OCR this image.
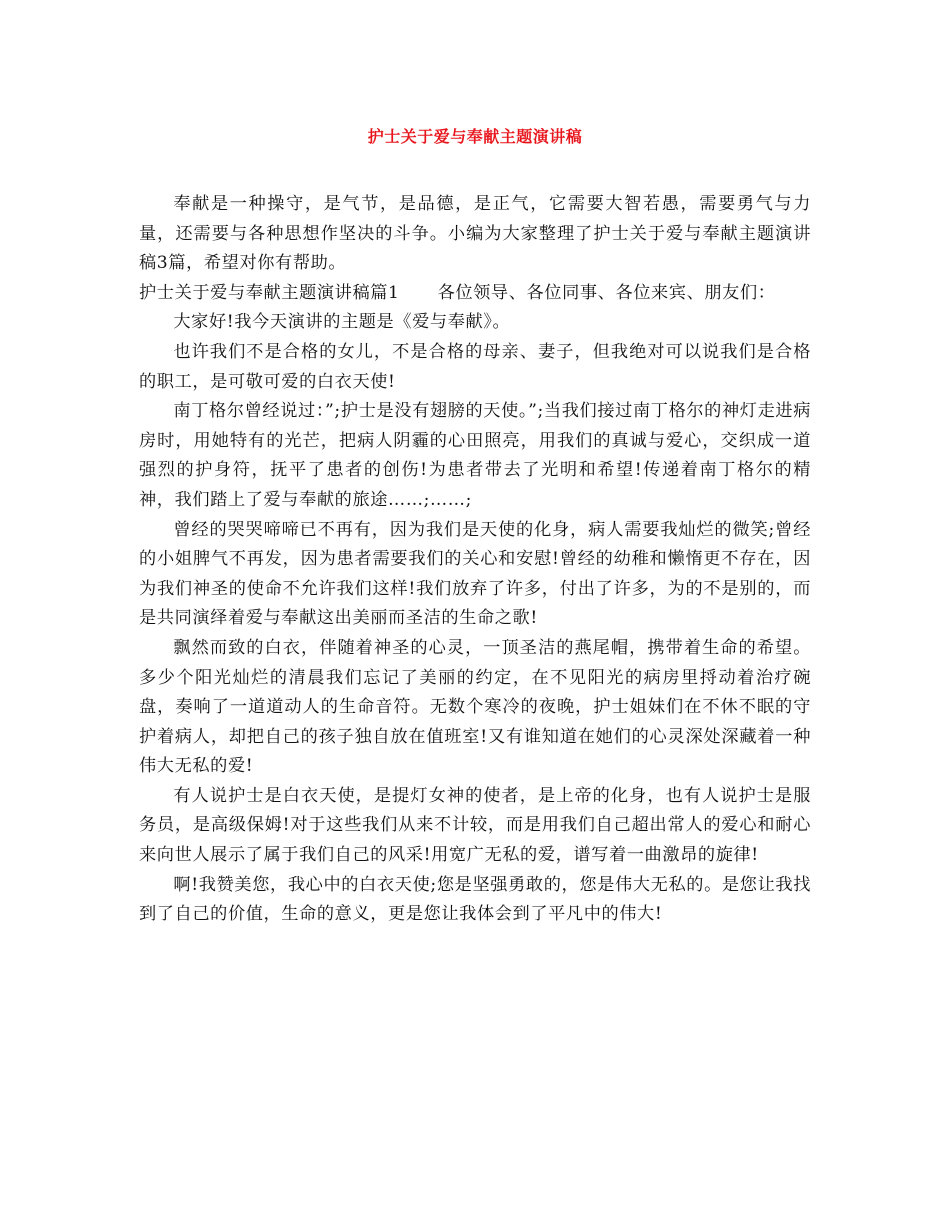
护士关于爱与奉献主题演讲稿

奉献是一种操守，是气节，是品德，是正气，它需要大智若愚，需要勇气与力量，还需要与各种思想作坚决的斗争。小编为大家整理了护士关于爱与奉献主题演讲稿3篇，希望对你有帮助。

护士关于爱与奉献主题演讲稿篇1 各位领导、各位同事、各位来宾、朋友们：

大家好!我今天演讲的主题是《爱与奉献》。

也许我们不是合格的女儿，不是合格的母亲、妻子，但我绝对可以说我们是合格的职工，是可敬可爱的白衣天使!

南丁格尔曾经说过：”;护士是没有翅膀的天使。”;当我们接过南丁格尔的神灯走进病房时，用她特有的光芒，把病人阴霾的心田照亮，用我们的真诚与爱心，交织成一道强烈的护身符，抚平了患者的创伤!为患者带去了光明和希望!传递着南丁格尔的精神，我们踏上了爱与奉献的旅途……;……;

曾经的哭哭啼啼已不再有，因为我们是天使的化身，病人需要我灿烂的微笑;曾经的小姐脾气不再发，因为患者需要我们的关心和安慰!曾经的幼稚和懒惰更不存在，因为我们神圣的使命不允许我们这样!我们放弃了许多，付出了许多，为的不是别的，而是共同演绎着爱与奉献这出美丽而圣洁的生命之歌!

飘然而致的白衣，伴随着神圣的心灵，一顶圣洁的燕尾帽，携带着生命的希望。多少个阳光灿烂的清晨我们忘记了美丽的约定，在不见阳光的病房里捋动着治疗碗盘，奏响了一道道动人的生命音符。无数个寒冷的夜晚，护士姐妹们在不休不眠的守护着病人，却把自己的孩子独自放在值班室!又有谁知道在她们的心灵深处深藏着一种伟大无私的爱!

有人说护士是白衣天使，是提灯女神的使者，是上帝的化身，也有人说护士是服务员，是高级保姆!对于这些我们从来不计较，而是用我们自己超出常人的爱心和耐心来向世人展示了属于我们自己的风采!用宽广无私的爱，谱写着一曲激昂的旋律!

啊!我赞美您，我心中的白衣天使;您是坚强勇敢的，您是伟大无私的。是您让我找到了自己的价值，生命的意义，更是您让我体会到了平凡中的伟大!
